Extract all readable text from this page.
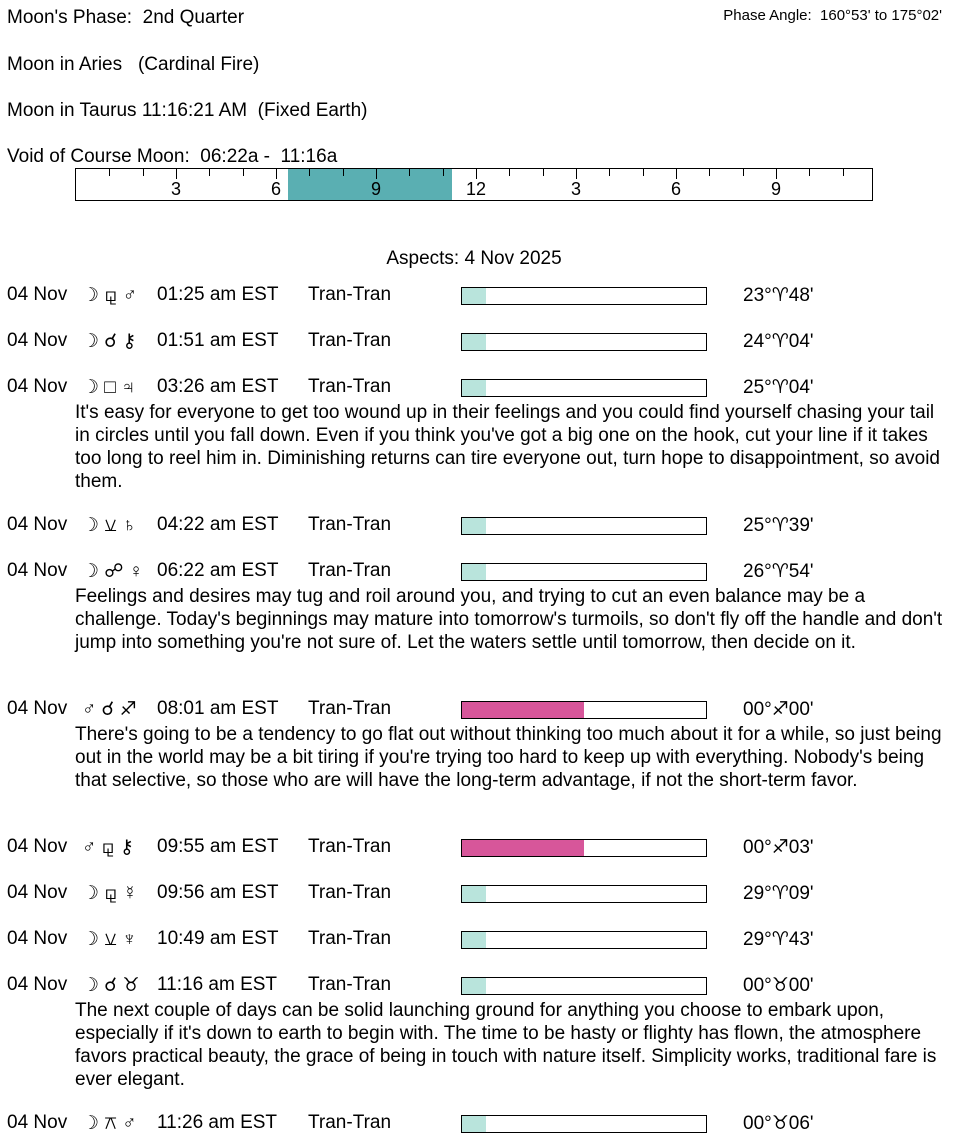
Moon's Phase:  2nd Quarter	Phase Angle:  160°53' to 175°02'
Moon in Aries   (Cardinal Fire)
Moon in Taurus 11:16:21 AM  (Fixed Earth)
Void of Course Moon:  06:22a -  11:16a
3	6	9	12	3	6	9
Aspects: 4 Nov 2025
04 Nov ☽ ⚼ ♂ 01:25 am EST Tran-Tran	23°♈48'
04 Nov ☽ ☌ ⚷ 01:51 am EST Tran-Tran	24°♈04'
04 Nov ☽ □ ♃ 03:26 am EST Tran-Tran	25°♈04'
It's easy for everyone to get too wound up in their feelings and you could find yourself chasing your tail in circles until you fall down. Even if you think you've got a big one on the hook, cut your line if it takes too long to reel him in. Diminishing returns can tire everyone out, turn hope to disappointment, so avoid them.
04 Nov ☽ ⚺ ♄ 04:22 am EST Tran-Tran	25°♈39'
04 Nov ☽ ☍ ♀ 06:22 am EST Tran-Tran	26°♈54'
Feelings and desires may tug and roil around you, and trying to cut an even balance may be a challenge. Today's beginnings may mature into tomorrow's turmoils, so don't fly off the handle and don't jump into something you're not sure of. Let the waters settle until tomorrow, then decide on it.
04 Nov ♂ ☌ ♐ 08:01 am EST Tran-Tran	00°♐00'
There's going to be a tendency to go flat out without thinking too much about it for a while, so just being out in the world may be a bit tiring if you're trying too hard to keep up with everything. Nobody's being that selective, so those who are will have the long-term advantage, if not the short-term favor.
04 Nov ♂ ⚼ ⚷ 09:55 am EST Tran-Tran	00°♐03'
04 Nov ☽ ⚼ ☿ 09:56 am EST Tran-Tran	29°♈09'
04 Nov ☽ ⚺ ♆ 10:49 am EST Tran-Tran	29°♈43'
04 Nov ☽ ☌ ♉ 11:16 am EST Tran-Tran	00°♉00'
The next couple of days can be solid launching ground for anything you choose to embark upon, especially if it's down to earth to begin with. The time to be hasty or flighty has flown, the atmosphere favors practical beauty, the grace of being in touch with nature itself. Simplicity works, traditional fare is ever elegant.
04 Nov ☽ ⚻ ♂ 11:26 am EST Tran-Tran	00°♉06'
